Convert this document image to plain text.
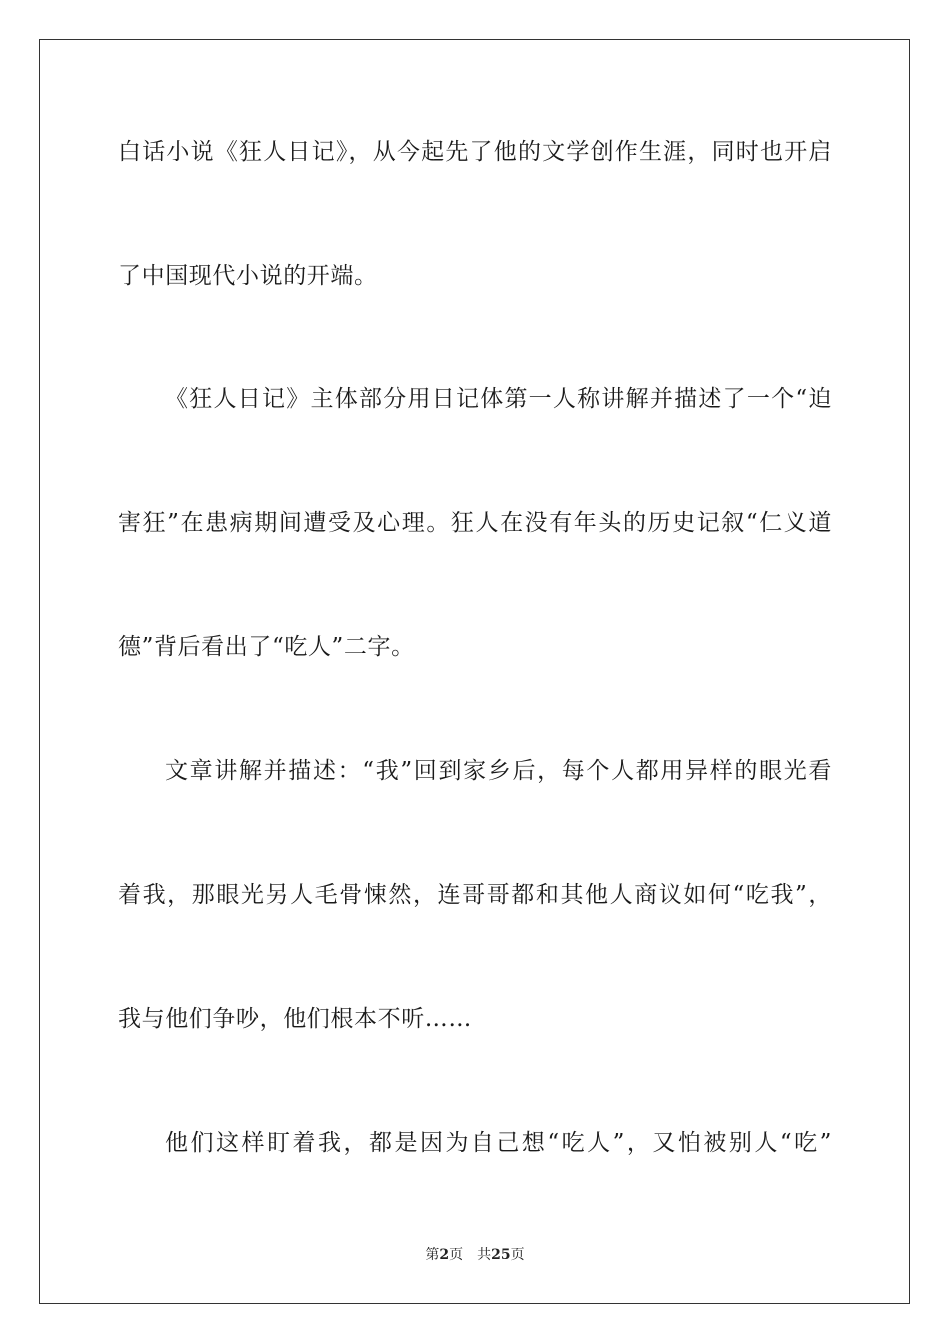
白话小说《狂人日记》，从今起先了他的文学创作生涯，同时也开启
了中国现代小说的开端。
《狂人日记》主体部分用日记体第一人称讲解并描述了一个“迫
害狂”在患病期间遭受及心理。狂人在没有年头的历史记叙“仁义道
德”背后看出了“吃人”二字。
文章讲解并描述：“我”回到家乡后，每个人都用异样的眼光看
着我，那眼光另人毛骨悚然，连哥哥都和其他人商议如何“吃我”，
我与他们争吵，他们根本不听……
他们这样盯着我，都是因为自己想“吃人”，又怕被别人“吃”
第2页 共25页
